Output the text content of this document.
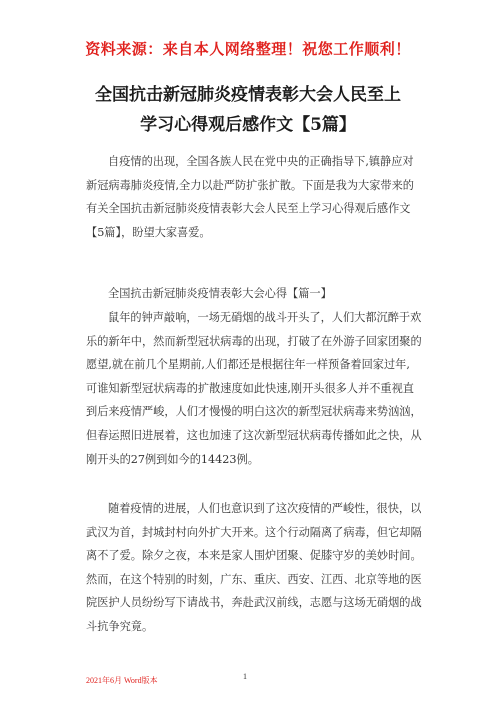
资料来源：来自本人网络整理！祝您工作顺利！
全国抗击新冠肺炎疫情表彰大会人民至上
学习心得观后感作文【5篇】
自疫情的出现，全国各族人民在党中央的正确指导下,镇静应对
新冠病毒肺炎疫情,全力以赴严防扩张扩散。下面是我为大家带来的
有关全国抗击新冠肺炎疫情表彰大会人民至上学习心得观后感作文
【5篇】，盼望大家喜爱。
全国抗击新冠肺炎疫情表彰大会心得【篇一】
鼠年的钟声敲响，一场无硝烟的战斗开头了，人们大都沉醉于欢
乐的新年中，然而新型冠状病毒的出现，打破了在外游子回家团聚的
愿望,就在前几个星期前,人们都还是根据往年一样预备着回家过年,
可谁知新型冠状病毒的扩散速度如此快速,刚开头很多人并不重视直
到后来疫情严峻，人们才慢慢的明白这次的新型冠状病毒来势汹汹，
但春运照旧进展着，这也加速了这次新型冠状病毒传播如此之快，从
刚开头的27例到如今的14423例。
随着疫情的进展，人们也意识到了这次疫情的严峻性，很快，以
武汉为首，封城封村向外扩大开来。这个行动隔离了病毒，但它却隔
离不了爱。除夕之夜，本来是家人围炉团聚、促膝守岁的美妙时间。
然而，在这个特别的时刻，广东、重庆、西安、江西、北京等地的医
院医护人员纷纷写下请战书，奔赴武汉前线，志愿与这场无硝烟的战
斗抗争究竟。
2021年6月 Word版本	1
